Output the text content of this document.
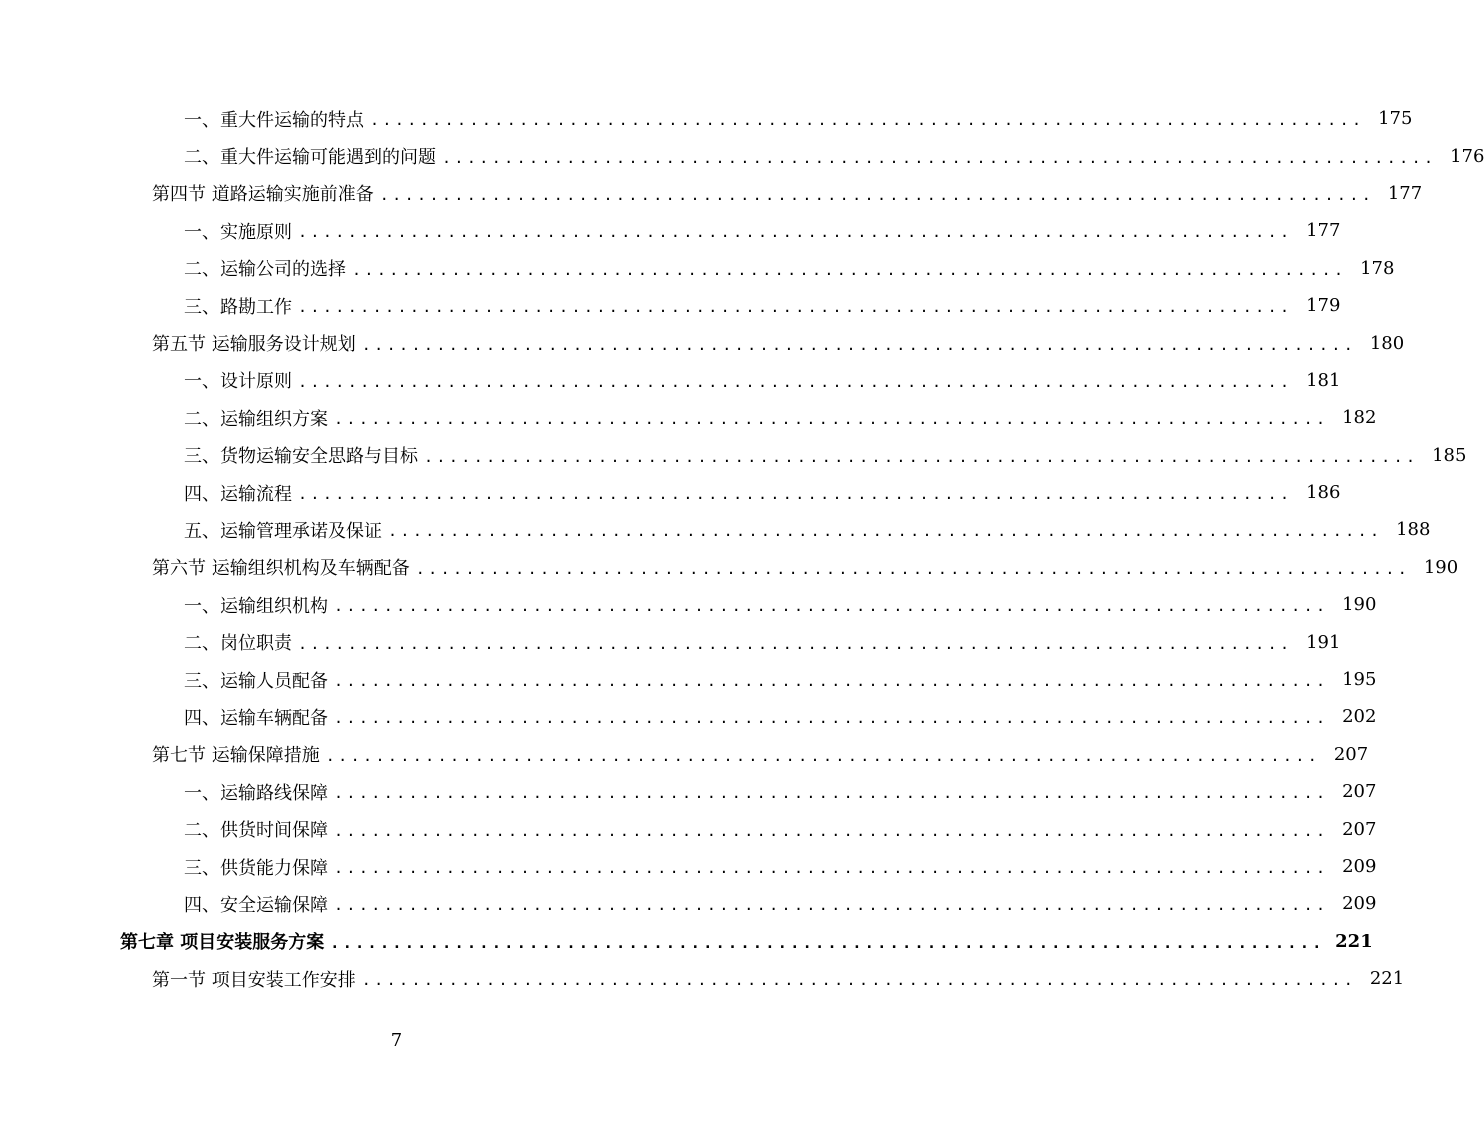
一、重大件运输的特点 ................................................................................ 175
二、重大件运输可能遇到的问题 ................................................................................ 176
第四节 道路运输实施前准备 ................................................................................ 177
一、实施原则 ................................................................................ 177
二、运输公司的选择 ................................................................................ 178
三、路勘工作 ................................................................................ 179
第五节 运输服务设计规划 ................................................................................ 180
一、设计原则 ................................................................................ 181
二、运输组织方案 ................................................................................ 182
三、货物运输安全思路与目标 ................................................................................ 185
四、运输流程 ................................................................................ 186
五、运输管理承诺及保证 ................................................................................ 188
第六节 运输组织机构及车辆配备 ................................................................................ 190
一、运输组织机构 ................................................................................ 190
二、岗位职责 ................................................................................ 191
三、运输人员配备 ................................................................................ 195
四、运输车辆配备 ................................................................................ 202
第七节 运输保障措施 ................................................................................ 207
一、运输路线保障 ................................................................................ 207
二、供货时间保障 ................................................................................ 207
三、供货能力保障 ................................................................................ 209
四、安全运输保障 ................................................................................ 209
第七章 项目安装服务方案 ................................................................................ 221
第一节 项目安装工作安排 ................................................................................ 221
7
